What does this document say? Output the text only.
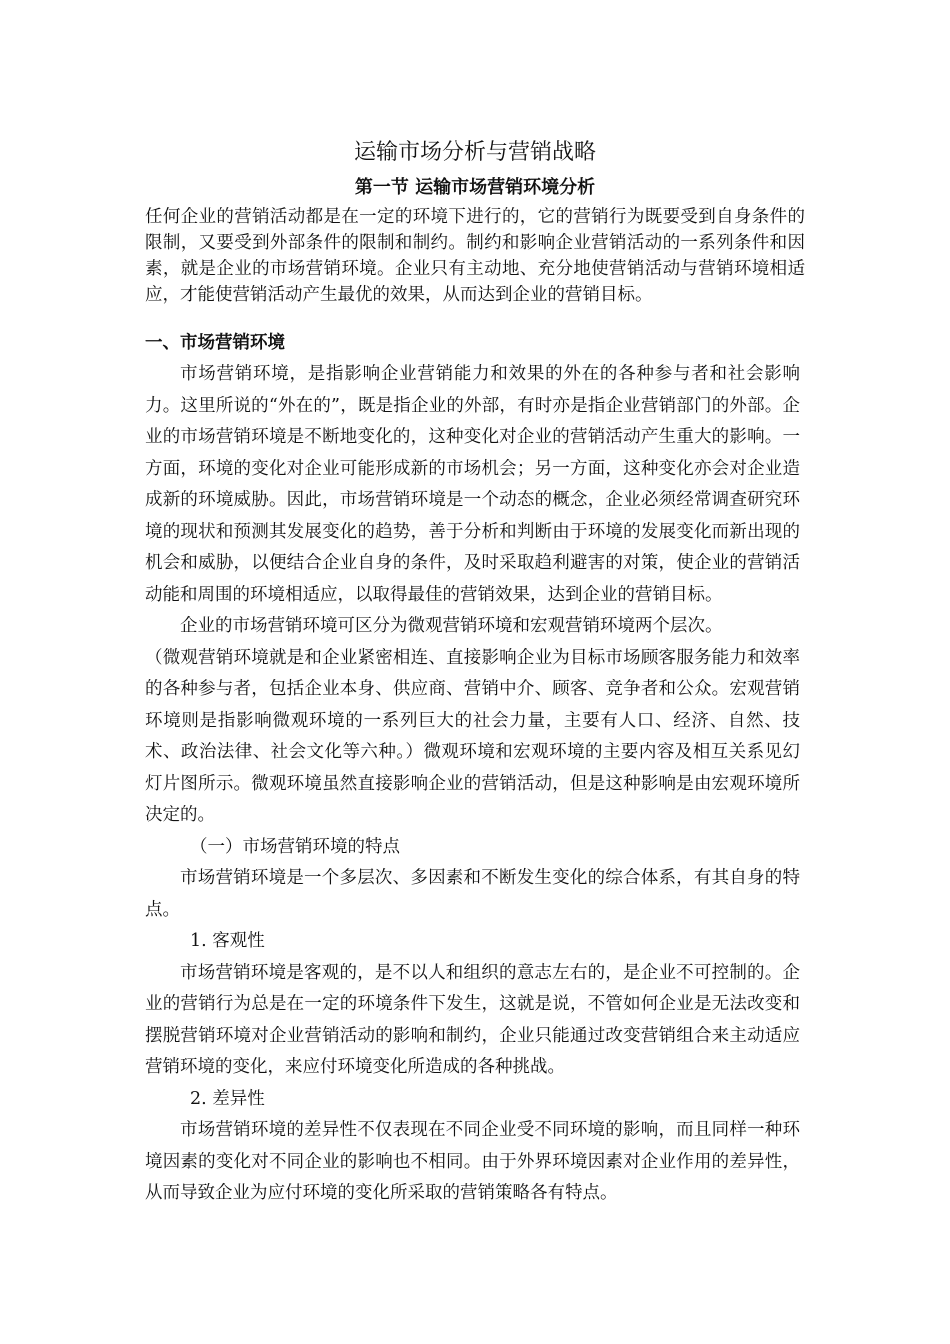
运输市场分析与营销战略
第一节 运输市场营销环境分析
任何企业的营销活动都是在一定的环境下进行的，它的营销行为既要受到自身条件的限制，又要受到外部条件的限制和制约。制约和影响企业营销活动的一系列条件和因素，就是企业的市场营销环境。企业只有主动地、充分地使营销活动与营销环境相适应，才能使营销活动产生最优的效果，从而达到企业的营销目标。
一、市场营销环境

市场营销环境，是指影响企业营销能力和效果的外在的各种参与者和社会影响力。这里所说的“外在的”，既是指企业的外部，有时亦是指企业营销部门的外部。企业的市场营销环境是不断地变化的，这种变化对企业的营销活动产生重大的影响。一方面，环境的变化对企业可能形成新的市场机会；另一方面，这种变化亦会对企业造成新的环境威胁。因此，市场营销环境是一个动态的概念，企业必须经常调查研究环境的现状和预测其发展变化的趋势，善于分析和判断由于环境的发展变化而新出现的机会和威胁，以便结合企业自身的条件，及时采取趋利避害的对策，使企业的营销活动能和周围的环境相适应，以取得最佳的营销效果，达到企业的营销目标。

企业的市场营销环境可区分为微观营销环境和宏观营销环境两个层次。

（微观营销环境就是和企业紧密相连、直接影响企业为目标市场顾客服务能力和效率的各种参与者，包括企业本身、供应商、营销中介、顾客、竞争者和公众。宏观营销环境则是指影响微观环境的一系列巨大的社会力量，主要有人口、经济、自然、技术、政治法律、社会文化等六种。）微观环境和宏观环境的主要内容及相互关系见幻灯片图所示。微观环境虽然直接影响企业的营销活动，但是这种影响是由宏观环境所决定的。

（一）市场营销环境的特点

市场营销环境是一个多层次、多因素和不断发生变化的综合体系，有其自身的特点。

1. 客观性

市场营销环境是客观的，是不以人和组织的意志左右的，是企业不可控制的。企业的营销行为总是在一定的环境条件下发生，这就是说，不管如何企业是无法改变和摆脱营销环境对企业营销活动的影响和制约，企业只能通过改变营销组合来主动适应营销环境的变化，来应付环境变化所造成的各种挑战。

2. 差异性

市场营销环境的差异性不仅表现在不同企业受不同环境的影响，而且同样一种环境因素的变化对不同企业的影响也不相同。由于外界环境因素对企业作用的差异性，从而导致企业为应付环境的变化所采取的营销策略各有特点。
